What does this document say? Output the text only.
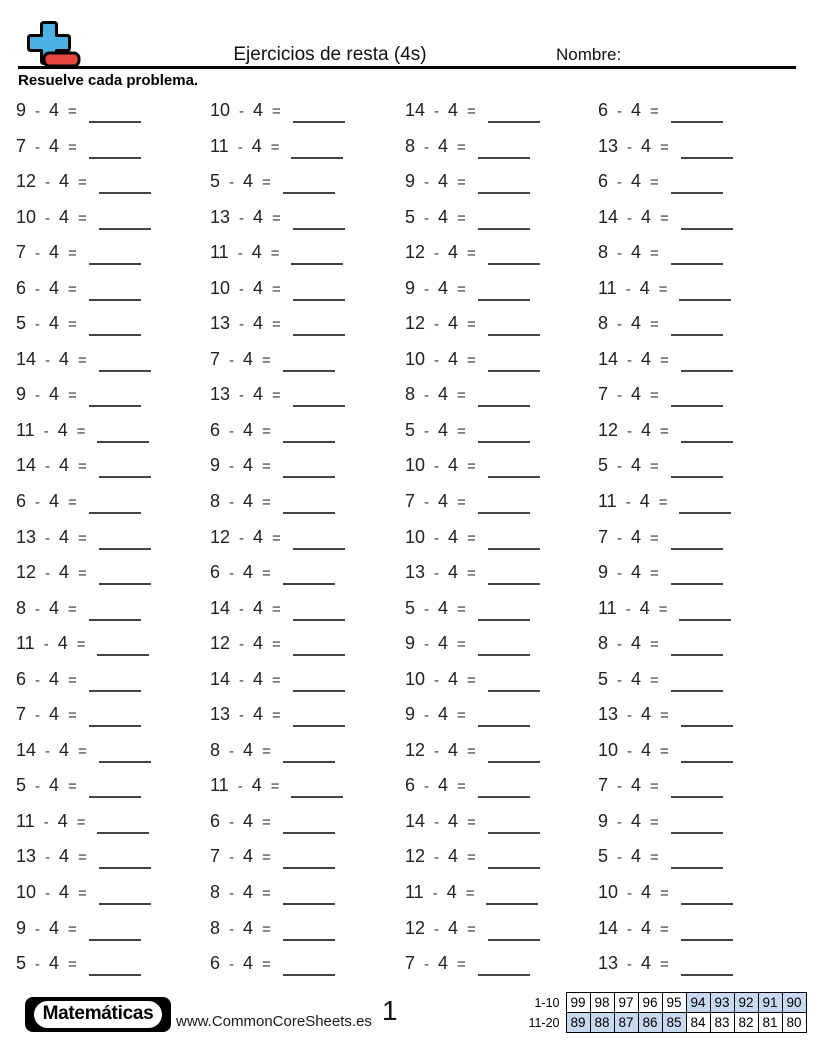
Ejercicios de resta (4s)	Nombre:
Resuelve cada problema.
9 - 4 =	10 - 4 =	14 - 4 =	6 - 4 =
7 - 4 =	11 - 4 =	8 - 4 =	13 - 4 =
12 - 4 =	5 - 4 =	9 - 4 =	6 - 4 =
10 - 4 =	13 - 4 =	5 - 4 =	14 - 4 =
7 - 4 =	11 - 4 =	12 - 4 =	8 - 4 =
6 - 4 =	10 - 4 =	9 - 4 =	11 - 4 =
5 - 4 =	13 - 4 =	12 - 4 =	8 - 4 =
14 - 4 =	7 - 4 =	10 - 4 =	14 - 4 =
9 - 4 =	13 - 4 =	8 - 4 =	7 - 4 =
11 - 4 =	6 - 4 =	5 - 4 =	12 - 4 =
14 - 4 =	9 - 4 =	10 - 4 =	5 - 4 =
6 - 4 =	8 - 4 =	7 - 4 =	11 - 4 =
13 - 4 =	12 - 4 =	10 - 4 =	7 - 4 =
12 - 4 =	6 - 4 =	13 - 4 =	9 - 4 =
8 - 4 =	14 - 4 =	5 - 4 =	11 - 4 =
11 - 4 =	12 - 4 =	9 - 4 =	8 - 4 =
6 - 4 =	14 - 4 =	10 - 4 =	5 - 4 =
7 - 4 =	13 - 4 =	9 - 4 =	13 - 4 =
14 - 4 =	8 - 4 =	12 - 4 =	10 - 4 =
5 - 4 =	11 - 4 =	6 - 4 =	7 - 4 =
11 - 4 =	6 - 4 =	14 - 4 =	9 - 4 =
13 - 4 =	7 - 4 =	12 - 4 =	5 - 4 =
10 - 4 =	8 - 4 =	11 - 4 =	10 - 4 =
9 - 4 =	8 - 4 =	12 - 4 =	14 - 4 =
5 - 4 =	6 - 4 =	7 - 4 =	13 - 4 =
Matemáticas	www.CommonCoreSheets.es 1	1-10	99	98	97	96	95	94	93	92	91	90
11-20	89	88	87	86	85	84	83	82	81	80
